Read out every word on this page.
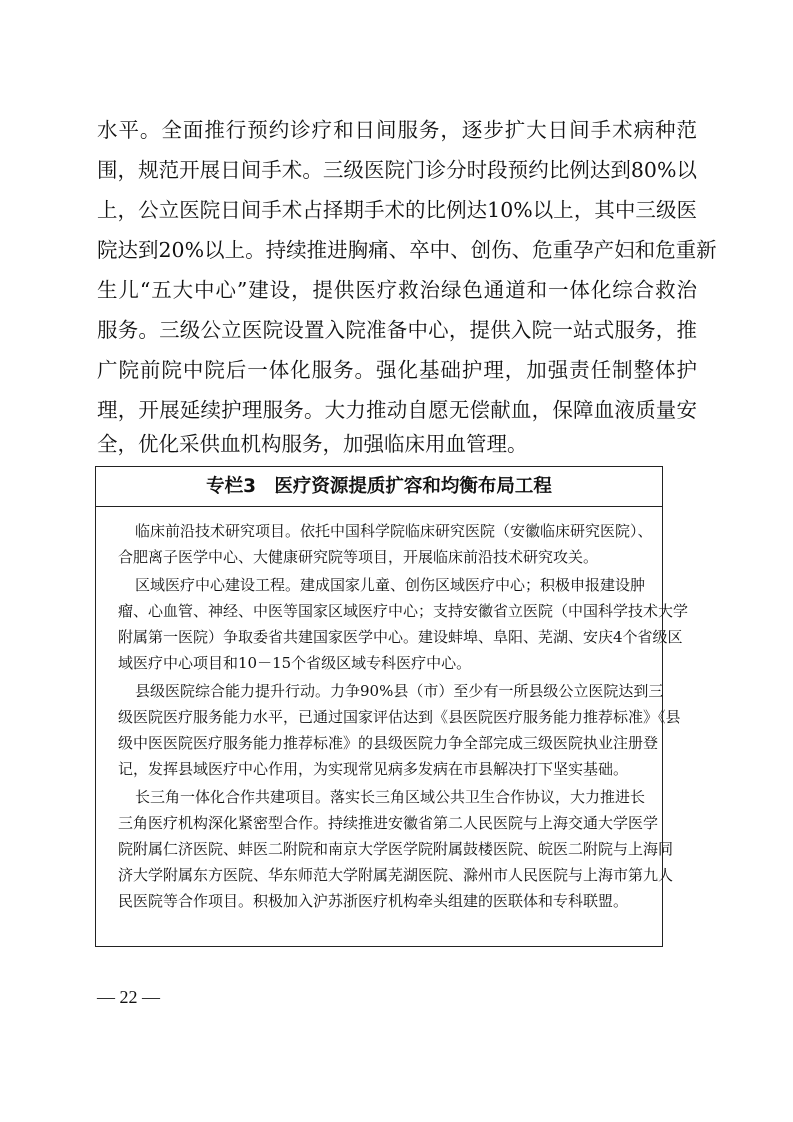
水平。全面推行预约诊疗和日间服务，逐步扩大日间手术病种范
围，规范开展日间手术。三级医院门诊分时段预约比例达到80%以
上，公立医院日间手术占择期手术的比例达10%以上，其中三级医
院达到20%以上。持续推进胸痛、卒中、创伤、危重孕产妇和危重新
生儿“五大中心”建设，提供医疗救治绿色通道和一体化综合救治
服务。三级公立医院设置入院准备中心，提供入院一站式服务，推
广院前院中院后一体化服务。强化基础护理，加强责任制整体护
理，开展延续护理服务。大力推动自愿无偿献血，保障血液质量安
全，优化采供血机构服务，加强临床用血管理。
专栏3　医疗资源提质扩容和均衡布局工程
临床前沿技术研究项目。依托中国科学院临床研究医院（安徽临床研究医院）、
合肥离子医学中心、大健康研究院等项目，开展临床前沿技术研究攻关。
区域医疗中心建设工程。建成国家儿童、创伤区域医疗中心；积极申报建设肿
瘤、心血管、神经、中医等国家区域医疗中心；支持安徽省立医院（中国科学技术大学
附属第一医院）争取委省共建国家医学中心。建设蚌埠、阜阳、芜湖、安庆4个省级区
域医疗中心项目和10－15个省级区域专科医疗中心。
县级医院综合能力提升行动。力争90%县（市）至少有一所县级公立医院达到三
级医院医疗服务能力水平，已通过国家评估达到《县医院医疗服务能力推荐标准》《县
级中医医院医疗服务能力推荐标准》的县级医院力争全部完成三级医院执业注册登
记，发挥县域医疗中心作用，为实现常见病多发病在市县解决打下坚实基础。
长三角一体化合作共建项目。落实长三角区域公共卫生合作协议，大力推进长
三角医疗机构深化紧密型合作。持续推进安徽省第二人民医院与上海交通大学医学
院附属仁济医院、蚌医二附院和南京大学医学院附属鼓楼医院、皖医二附院与上海同
济大学附属东方医院、华东师范大学附属芜湖医院、滁州市人民医院与上海市第九人
民医院等合作项目。积极加入沪苏浙医疗机构牵头组建的医联体和专科联盟。
— 22 —
